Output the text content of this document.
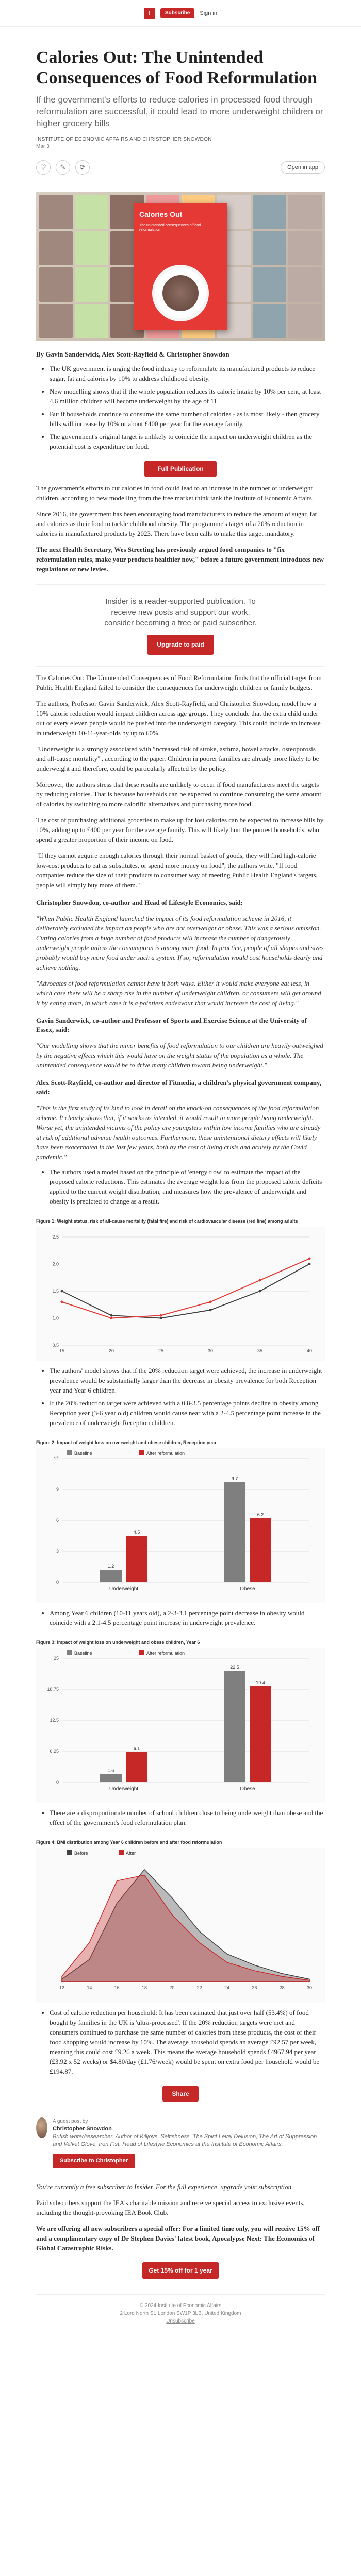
I	Subscribe	Sign in
Calories Out: The Unintended Consequences of Food Reformulation
If the government's efforts to reduce calories in processed food through reformulation are successful, it could lead to more underweight children or higher grocery bills
INSTITUTE OF ECONOMIC AFFAIRS AND CHRISTOPHER SNOWDON
Mar 3
♡	✎	⟳	Open in app
Calories Out
The unintended consequences of food reformulation
By Gavin Sanderwick, Alex Scott-Rayfield & Christopher Snowdon
• The UK government is urging the food industry to reformulate its manufactured products to reduce sugar, fat and calories by 10% to address childhood obesity.
• New modelling shows that if the whole population reduces its calorie intake by 10% per cent, at least 4.6 million children will become underweight by the age of 11.
• But if households continue to consume the same number of calories - as is most likely - then grocery bills will increase by 10% or about £400 per year for the average family.
• The government's original target is unlikely to coincide the impact on underweight children as the potential cost is expenditure on food.
Full Publication

The government's efforts to cut calories in food could lead to an increase in the number of underweight children, according to new modelling from the free market think tank the Institute of Economic Affairs.

Since 2016, the government has been encouraging food manufacturers to reduce the amount of sugar, fat and calories as their food to tackle childhood obesity. The programme's target of a 20% reduction in calories in manufactured products by 2023. There have been calls to make this target mandatory.

The next Health Secretary, Wes Streeting has previously argued food companies to "fix reformulation rules, make your products healthier now," before a future government introduces new regulations or new levies.

Insider is a reader-supported publication. To receive new posts and support our work, consider becoming a free or paid subscriber.
Upgrade to paid

The Calories Out: The Unintended Consequences of Food Reformulation finds that the official target from Public Health England failed to consider the consequences for underweight children or family budgets.

The authors, Professor Gavin Sanderwick, Alex Scott-Rayfield, and Christopher Snowdon, model how a 10% calorie reduction would impact children across age groups. They conclude that the extra child under out of every eleven people would be pushed into the underweight category. This could include an increase in underweight 10-11-year-olds by up to 60%.

"Underweight is a strongly associated with 'increased risk of stroke, asthma, bowel attacks, osteoporosis and all-cause mortality'", according to the paper. Children in poorer families are already more likely to be underweight and therefore, could be particularly affected by the policy.

Moreover, the authors stress that these results are unlikely to occur if food manufacturers meet the targets by reducing calories. That is because households can be expected to continue consuming the same amount of calories by switching to more calorific alternatives and purchasing more food.

The cost of purchasing additional groceries to make up for lost calories can be expected to increase bills by 10%, adding up to £400 per year for the average family. This will likely hurt the poorest households, who spend a greater proportion of their income on food.

"If they cannot acquire enough calories through their normal basket of goods, they will find high-calorie low-cost products to eat as substitutes, or spend more money on food", the authors write. "If food companies reduce the size of their products to consumer way of meeting Public Health England's targets, people will simply buy more of them."

Christopher Snowdon, co-author and Head of Lifestyle Economics, said:

"When Public Health England launched the impact of its food reformulation scheme in 2016, it deliberately excluded the impact on people who are not overweight or obese. This was a serious omission. Cutting calories from a huge number of food products will increase the number of dangerously underweight people unless the consumption is among more food. In practice, people of all shapes and sizes probably would buy more food under such a system. If so, reformulation would cost households dearly and achieve nothing.

"Advocates of food reformulation cannot have it both ways. Either it would make everyone eat less, in which case there will be a sharp rise in the number of underweight children, or consumers will get around it by eating more, in which case it is a pointless endeavour that would increase the cost of living."

Gavin Sanderwick, co-author and Professor of Sports and Exercise Science at the University of Essex, said:

"Our modelling shows that the minor benefits of food reformulation to our children are heavily outweighed by the negative effects which this would have on the weight status of the population as a whole. The unintended consequence would be to drive many children toward being underweight."

Alex Scott-Rayfield, co-author and director of Fitmedia, a children's physical government company, said:

"This is the first study of its kind to look in detail on the knock-on consequences of the food reformulation scheme. It clearly shows that, if it works as intended, it would result in more people being underweight. Worse yet, the unintended victims of the policy are youngsters within low income families who are already at risk of additional adverse health outcomes. Furthermore, these unintentional dietary effects will likely have been exacerbated in the last few years, both by the cost of living crisis and acutely by the Covid pandemic."

• The authors used a model based on the principle of 'energy flow' to estimate the impact of the proposed calorie reductions. This estimates the average weight loss from the proposed calorie deficits applied to the current weight distribution, and measures how the prevalence of underweight and obesity is predicted to change as a result.
Figure 1: Weight status, risk of all-cause mortality (fatal fire) and risk of cardiovascular disease (red line) among adults
0.5
1.0
1.5
2.0
2.5
15	20	25	30	35	40
• The authors' model shows that if the 20% reduction target were achieved, the increase in underweight prevalence would be substantially larger than the decrease in obesity prevalence for both Reception year and Year 6 children.
• If the 20% reduction target were achieved with a 0.8-3.5 percentage points decline in obesity among Reception year (3-6 year old) children would cause near with a 2-4.5 percentage point increase in the prevalence of underweight Reception children.
Figure 2: Impact of weight loss on overweight and obese children, Reception year
0
3
6
9
12
Underweight
1.2
4.5
Obese
9.7
6.2
Baseline	After reformulation
• Among Year 6 children (10-11 years old), a 2-3-3.1 percentage point decrease in obesity would coincide with a 2.1-4.5 percentage point increase in underweight prevalence.
Figure 3: Impact of weight loss on underweight and obese children, Year 6
0
6.25
12.5
18.75
25
Underweight
1.6
6.1
Obese
22.5
19.4
Baseline	After reformulation
• There are a disproportionate number of school children close to being underweight than obese and the effect of the government's food reformulation plan.
Figure 4: BMI distribution among Year 6 children before and after food reformulation
12	14	16	18	20	22	24	26	28	30
Before	After
• Cost of calorie reduction per household: It has been estimated that just over half (53.4%) of food bought by families in the UK is 'ultra-processed'. If the 20% reduction targets were met and consumers continued to purchase the same number of calories from these products, the cost of their food shopping would increase by 10%. The average household spends an average £92.57 per week, meaning this could cost £9.26 a week. This means the average household spends £4967.94 per year (£3.92 x 52 weeks) or $4.80/day (£1.76/week) would be spent on extra food per household would be £194.87.
Share
A guest post by
Christopher Snowdon
British writer/researcher. Author of Killjoys, Selfishness, The Spirit Level Delusion, The Art of Suppression and Velvet Glove, Iron Fist. Head of Lifestyle Economics at the Institute of Economic Affairs.
Subscribe to Christopher

You're currently a free subscriber to Insider. For the full experience, upgrade your subscription.

Paid subscribers support the IEA's charitable mission and receive special access to exclusive events, including the thought-provoking IEA Book Club.

We are offering all new subscribers a special offer: For a limited time only, you will receive 15% off and a complimentary copy of Dr Stephen Davies' latest book, Apocalypse Next: The Economics of Global Catastrophic Risks.

Get 15% off for 1 year
© 2024 Institute of Economic Affairs
2 Lord North St, London SW1P 3LB, United Kingdom
Unsubscribe
